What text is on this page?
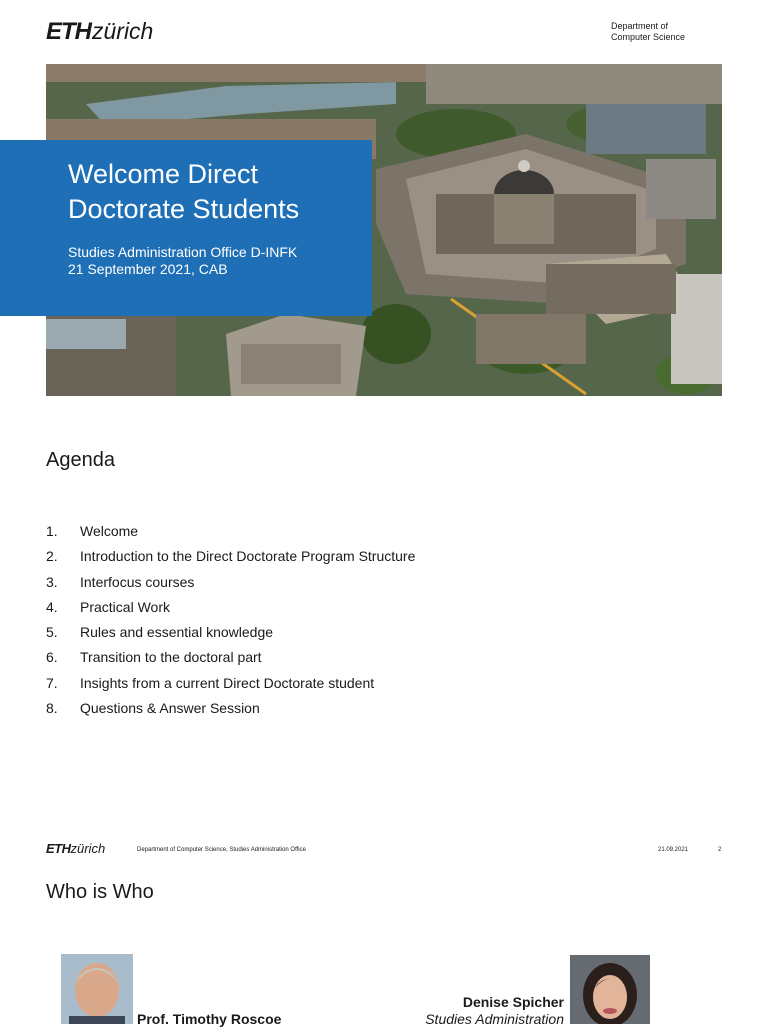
ETH zürich	Department of
Computer Science
Welcome Direct
Doctorate Students
Studies Administration Office D-INFK
21 September 2021, CAB
Agenda
1.	Welcome
2.	Introduction to the Direct Doctorate Program Structure
3.	Interfocus courses
4.	Practical Work
5.	Rules and essential knowledge
6.	Transition to the doctoral part
7.	Insights from a current Direct Doctorate student
8.	Questions & Answer Session
ETH zürich	Department of Computer Science, Studies Administration Office	21.09.2021	2
Who is Who
Prof. Timothy Roscoe
Denise Spicher
Studies Administration
